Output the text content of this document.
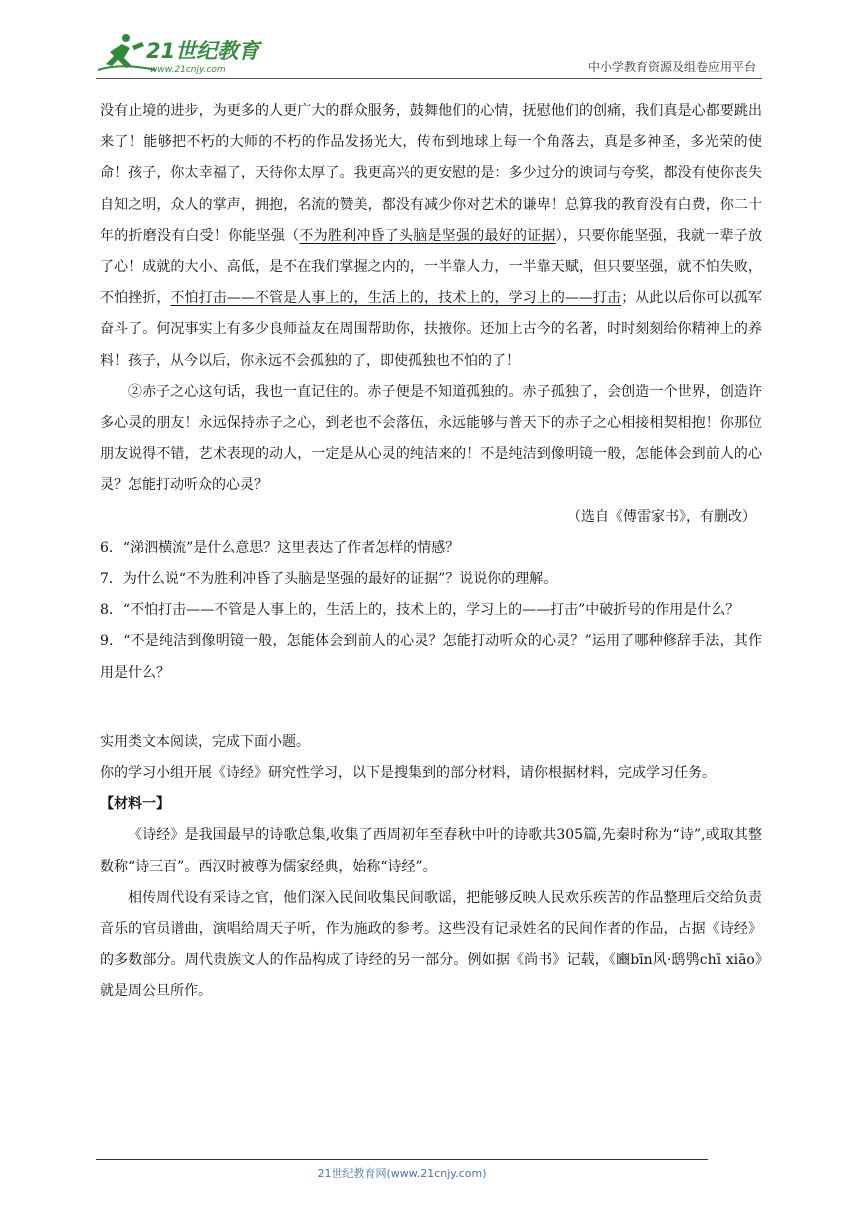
21世纪教育
www.21cnjy.com	中小学教育资源及组卷应用平台

没有止境的进步，为更多的人更广大的群众服务，鼓舞他们的心情，抚慰他们的创痛，我们真是心都要跳出来了！能够把不朽的大师的不朽的作品发扬光大，传布到地球上每一个角落去，真是多神圣，多光荣的使命！孩子，你太幸福了，天待你太厚了。我更高兴的更安慰的是：多少过分的谀词与夸奖，都没有使你丧失自知之明，众人的掌声，拥抱，名流的赞美，都没有减少你对艺术的谦卑！总算我的教育没有白费，你二十年的折磨没有白受！你能坚强（不为胜利冲昏了头脑是坚强的最好的证据），只要你能坚强，我就一辈子放了心！成就的大小、高低，是不在我们掌握之内的，一半靠人力，一半靠天赋，但只要坚强，就不怕失败，不怕挫折，不怕打击——不管是人事上的，生活上的，技术上的，学习上的——打击；从此以后你可以孤军奋斗了。何况事实上有多少良师益友在周围帮助你，扶掖你。还加上古今的名著，时时刻刻给你精神上的养料！孩子，从今以后，你永远不会孤独的了，即使孤独也不怕的了！

②赤子之心这句话，我也一直记住的。赤子便是不知道孤独的。赤子孤独了，会创造一个世界，创造许多心灵的朋友！永远保持赤子之心，到老也不会落伍，永远能够与普天下的赤子之心相接相契相抱！你那位朋友说得不错，艺术表现的动人，一定是从心灵的纯洁来的！不是纯洁到像明镜一般，怎能体会到前人的心灵？怎能打动听众的心灵？

（选自《傅雷家书》，有删改）

6．“涕泗横流”是什么意思？这里表达了作者怎样的情感？

7．为什么说“不为胜利冲昏了头脑是坚强的最好的证据”？说说你的理解。

8．“不怕打击——不管是人事上的，生活上的，技术上的，学习上的——打击”中破折号的作用是什么？

9．“不是纯洁到像明镜一般，怎能体会到前人的心灵？怎能打动听众的心灵？”运用了哪种修辞手法，其作用是什么？

实用类文本阅读，完成下面小题。

你的学习小组开展《诗经》研究性学习，以下是搜集到的部分材料，请你根据材料，完成学习任务。

【材料一】

《诗经》是我国最早的诗歌总集,收集了西周初年至春秋中叶的诗歌共305篇,先秦时称为“诗”,或取其整数称“诗三百”。西汉时被尊为儒家经典，始称“诗经”。

相传周代设有采诗之官，他们深入民间收集民间歌谣，把能够反映人民欢乐疾苦的作品整理后交给负责音乐的官员谱曲，演唱给周天子听，作为施政的参考。这些没有记录姓名的民间作者的作品，占据《诗经》的多数部分。周代贵族文人的作品构成了诗经的另一部分。例如据《尚书》记载，《豳bīn风·鸱鸮chī xiāo》就是周公旦所作。

21世纪教育网(www.21cnjy.com)
